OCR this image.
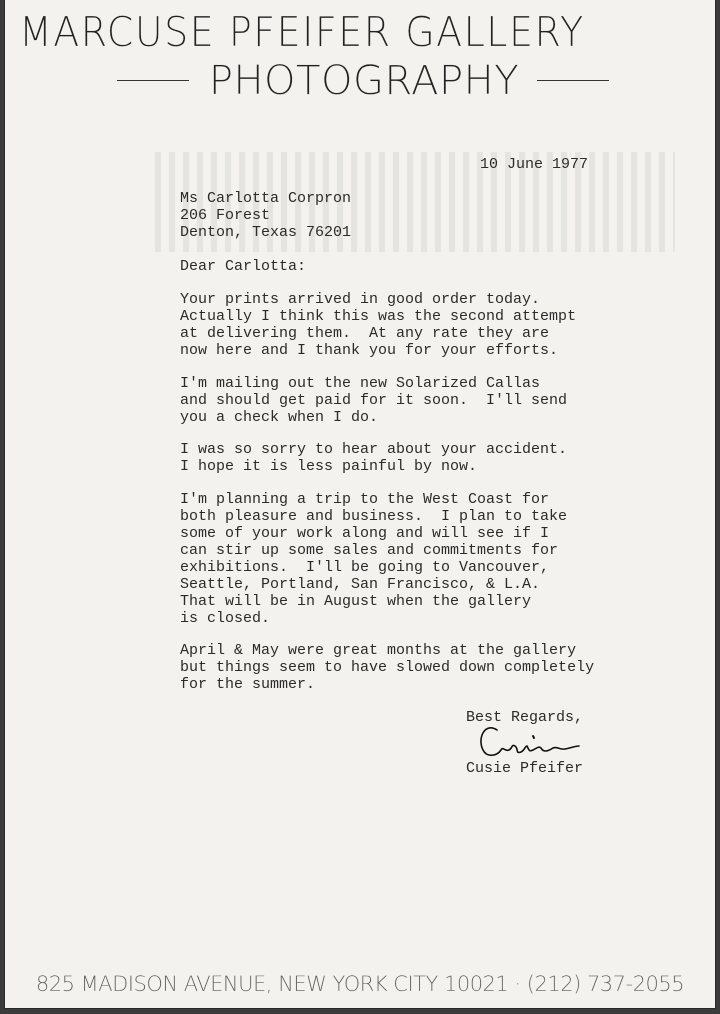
MARCUSE PFEIFER GALLERY
PHOTOGRAPHY
10 June 1977
Ms Carlotta Corpron
206 Forest
Denton, Texas 76201
Dear Carlotta:
Your prints arrived in good order today.
Actually I think this was the second attempt
at delivering them.  At any rate they are
now here and I thank you for your efforts.
I'm mailing out the new Solarized Callas
and should get paid for it soon.  I'll send
you a check when I do.
I was so sorry to hear about your accident.
I hope it is less painful by now.
I'm planning a trip to the West Coast for
both pleasure and business.  I plan to take
some of your work along and will see if I
can stir up some sales and commitments for
exhibitions.  I'll be going to Vancouver,
Seattle, Portland, San Francisco, & L.A.
That will be in August when the gallery
is closed.
April & May were great months at the gallery
but things seem to have slowed down completely
for the summer.
Best Regards,
Cusie Pfeifer
825 MADISON AVENUE, NEW YORK CITY 10021 · (212) 737-2055
